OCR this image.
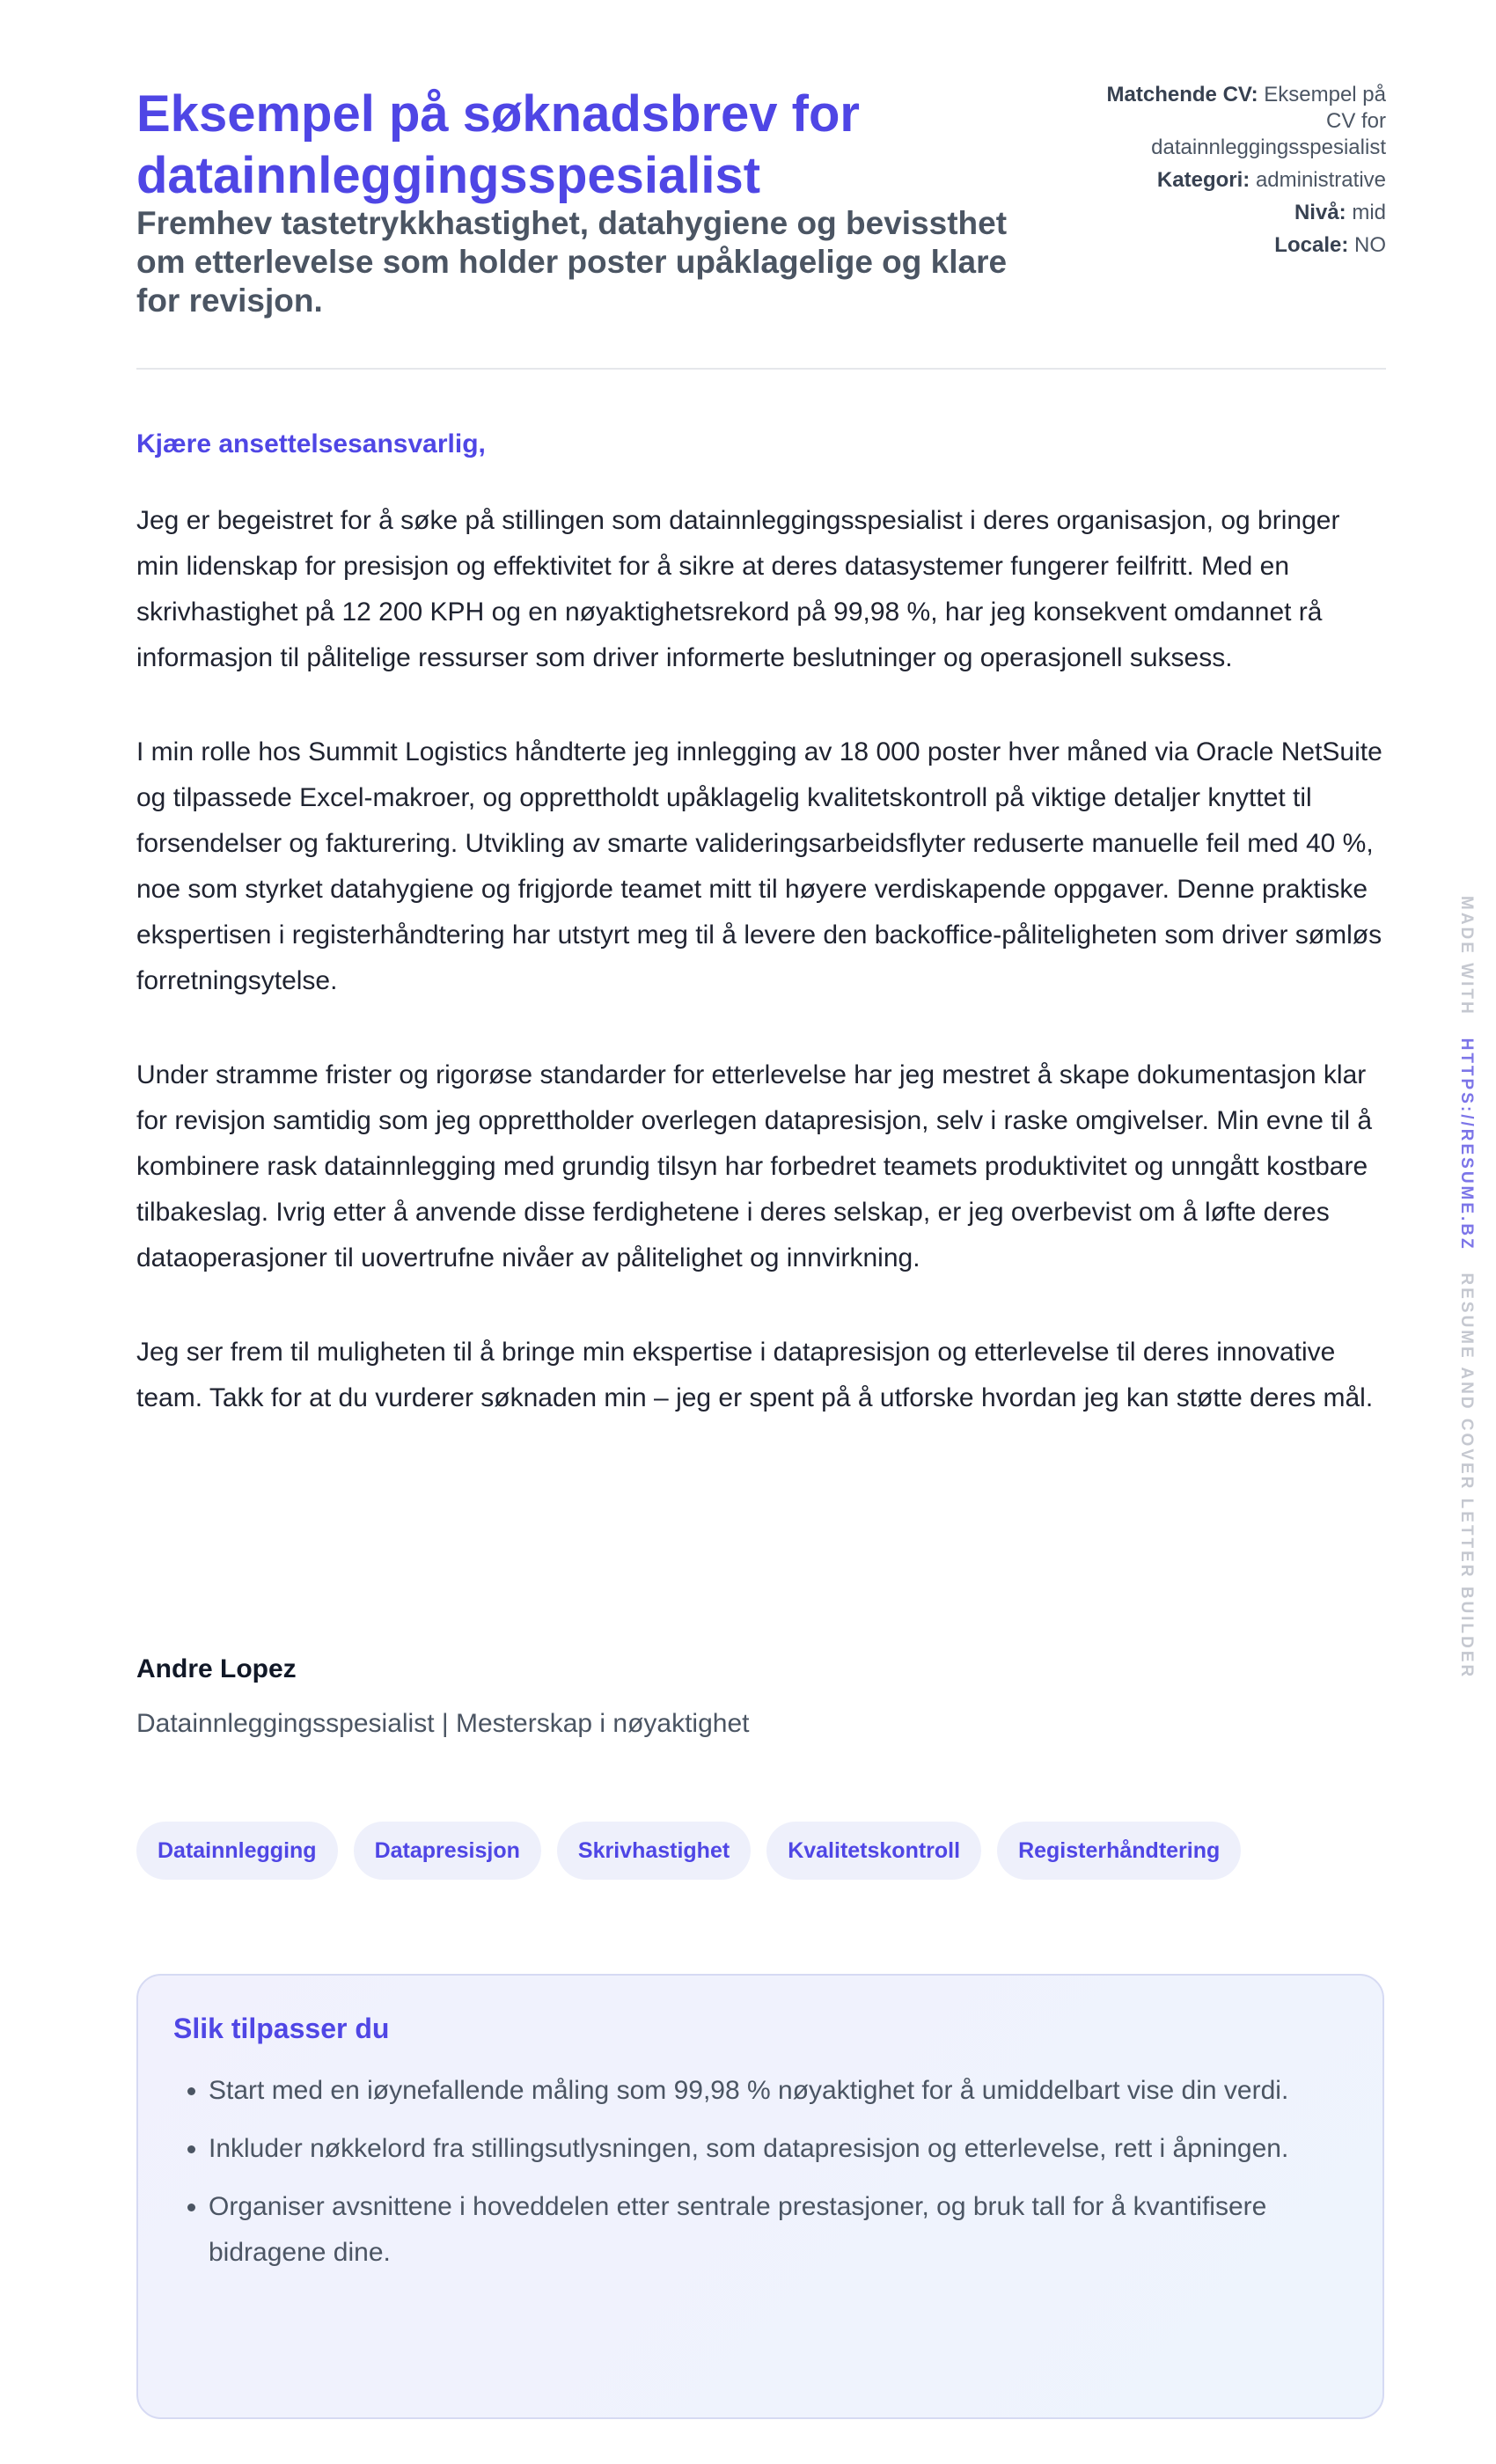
Eksempel på søknadsbrev for datainnleggingsspesialist

Fremhev tastetrykkhastighet, datahygiene og bevissthet om etterlevelse som holder poster upåklagelige og klare for revisjon.

Matchende CV: Eksempel på CV for datainnleggingsspesialist
Kategori: administrative
Nivå: mid
Locale: NO

Kjære ansettelsesansvarlig,

Jeg er begeistret for å søke på stillingen som datainnleggingsspesialist i deres organisasjon, og bringer min lidenskap for presisjon og effektivitet for å sikre at deres datasystemer fungerer feilfritt. Med en skrivhastighet på 12 200 KPH og en nøyaktighetsrekord på 99,98 %, har jeg konsekvent omdannet rå informasjon til pålitelige ressurser som driver informerte beslutninger og operasjonell suksess.

I min rolle hos Summit Logistics håndterte jeg innlegging av 18 000 poster hver måned via Oracle NetSuite og tilpassede Excel-makroer, og opprettholdt upåklagelig kvalitetskontroll på viktige detaljer knyttet til forsendelser og fakturering. Utvikling av smarte valideringsarbeidsflyter reduserte manuelle feil med 40 %, noe som styrket datahygiene og frigjorde teamet mitt til høyere verdiskapende oppgaver. Denne praktiske ekspertisen i registerhåndtering har utstyrt meg til å levere den backoffice-påliteligheten som driver sømløs forretningsytelse.

Under stramme frister og rigorøse standarder for etterlevelse har jeg mestret å skape dokumentasjon klar for revisjon samtidig som jeg opprettholder overlegen datapresisjon, selv i raske omgivelser. Min evne til å kombinere rask datainnlegging med grundig tilsyn har forbedret teamets produktivitet og unngått kostbare tilbakeslag. Ivrig etter å anvende disse ferdighetene i deres selskap, er jeg overbevist om å løfte deres dataoperasjoner til uovertrufne nivåer av pålitelighet og innvirkning.

Jeg ser frem til muligheten til å bringe min ekspertise i datapresisjon og etterlevelse til deres innovative team. Takk for at du vurderer søknaden min – jeg er spent på å utforske hvordan jeg kan støtte deres mål.

Andre Lopez

Datainnleggingsspesialist | Mesterskap i nøyaktighet

Datainnlegging	Datapresisjon	Skrivhastighet	Kvalitetskontroll	Registerhåndtering
Slik tilpasser du
• Start med en iøynefallende måling som 99,98 % nøyaktighet for å umiddelbart vise din verdi.
• Inkluder nøkkelord fra stillingsutlysningen, som datapresisjon og etterlevelse, rett i åpningen.
• Organiser avsnittene i hoveddelen etter sentrale prestasjoner, og bruk tall for å kvantifisere bidragene dine.
MADE WITH   HTTPS://RESUME.BZ   RESUME AND COVER LETTER BUILDER
